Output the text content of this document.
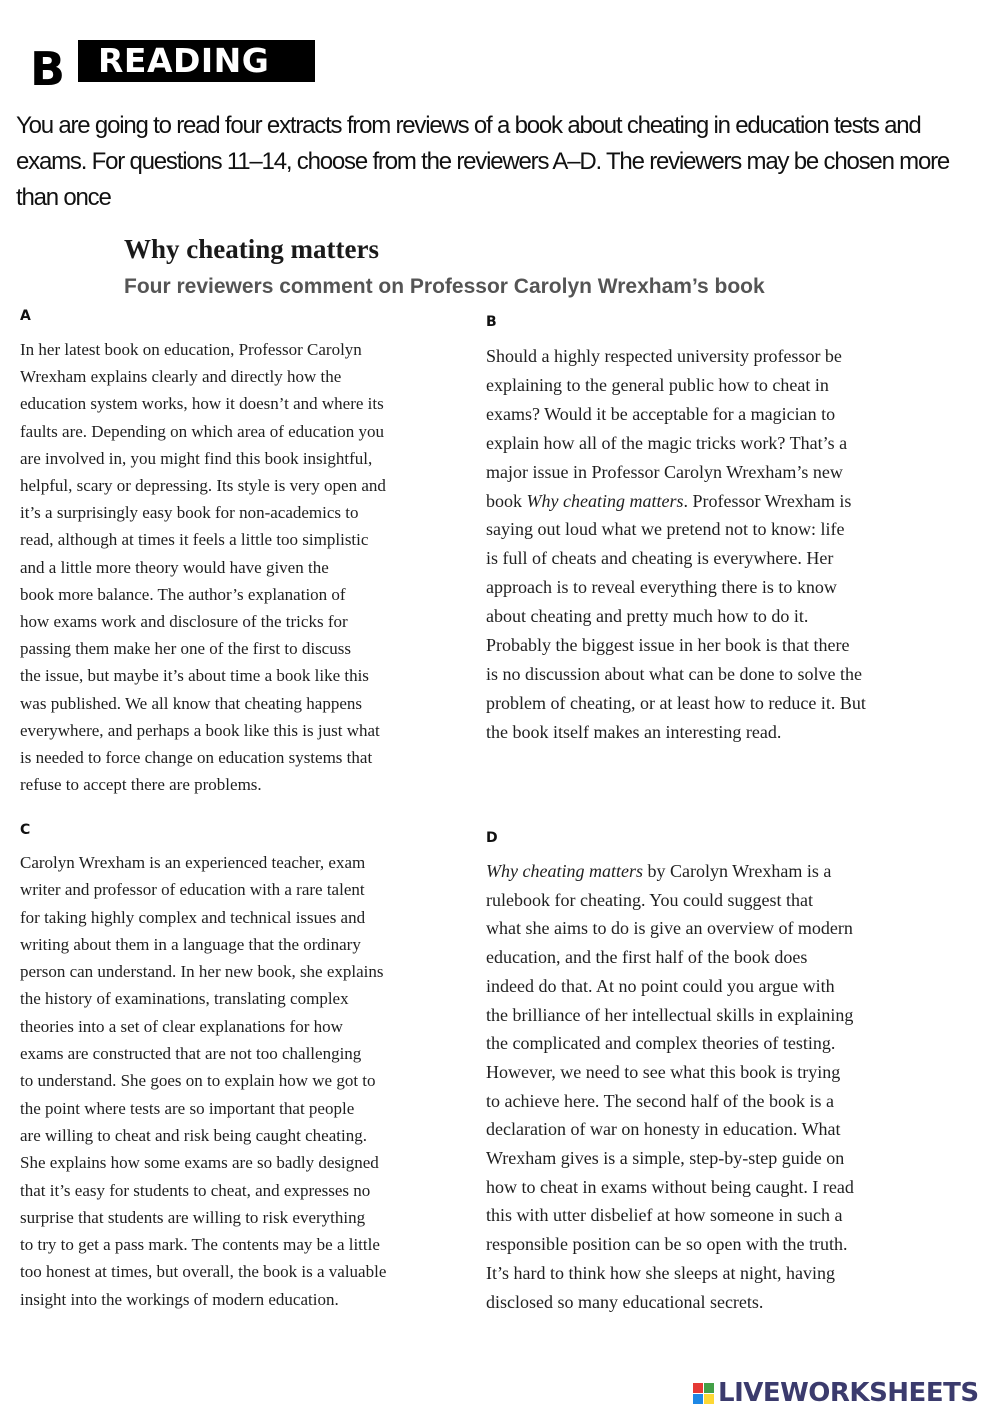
B READING

You are going to read four extracts from reviews of a book about cheating in education tests and exams. For questions 11–14, choose from the reviewers A–D. The reviewers may be chosen more than once

Why cheating matters
Four reviewers comment on Professor Carolyn Wrexham’s book
A

In her latest book on education, Professor Carolyn
Wrexham explains clearly and directly how the
education system works, how it doesn’t and where its
faults are. Depending on which area of education you
are involved in, you might find this book insightful,
helpful, scary or depressing. Its style is very open and
it’s a surprisingly easy book for non-academics to
read, although at times it feels a little too simplistic
and a little more theory would have given the
book more balance. The author’s explanation of
how exams work and disclosure of the tricks for
passing them make her one of the first to discuss
the issue, but maybe it’s about time a book like this
was published. We all know that cheating happens
everywhere, and perhaps a book like this is just what
is needed to force change on education systems that
refuse to accept there are problems.

B

Should a highly respected university professor be
explaining to the general public how to cheat in
exams? Would it be acceptable for a magician to
explain how all of the magic tricks work? That’s a
major issue in Professor Carolyn Wrexham’s new
book Why cheating matters. Professor Wrexham is
saying out loud what we pretend not to know: life
is full of cheats and cheating is everywhere. Her
approach is to reveal everything there is to know
about cheating and pretty much how to do it.
Probably the biggest issue in her book is that there
is no discussion about what can be done to solve the
problem of cheating, or at least how to reduce it. But
the book itself makes an interesting read.

C

Carolyn Wrexham is an experienced teacher, exam
writer and professor of education with a rare talent
for taking highly complex and technical issues and
writing about them in a language that the ordinary
person can understand. In her new book, she explains
the history of examinations, translating complex
theories into a set of clear explanations for how
exams are constructed that are not too challenging
to understand. She goes on to explain how we got to
the point where tests are so important that people
are willing to cheat and risk being caught cheating.
She explains how some exams are so badly designed
that it’s easy for students to cheat, and expresses no
surprise that students are willing to risk everything
to try to get a pass mark. The contents may be a little
too honest at times, but overall, the book is a valuable
insight into the workings of modern education.

D

Why cheating matters by Carolyn Wrexham is a
rulebook for cheating. You could suggest that
what she aims to do is give an overview of modern
education, and the first half of the book does
indeed do that. At no point could you argue with
the brilliance of her intellectual skills in explaining
the complicated and complex theories of testing.
However, we need to see what this book is trying
to achieve here. The second half of the book is a
declaration of war on honesty in education. What
Wrexham gives is a simple, step-by-step guide on
how to cheat in exams without being caught. I read
this with utter disbelief at how someone in such a
responsible position can be so open with the truth.
It’s hard to think how she sleeps at night, having
disclosed so many educational secrets.

LIVEWORKSHEETS
